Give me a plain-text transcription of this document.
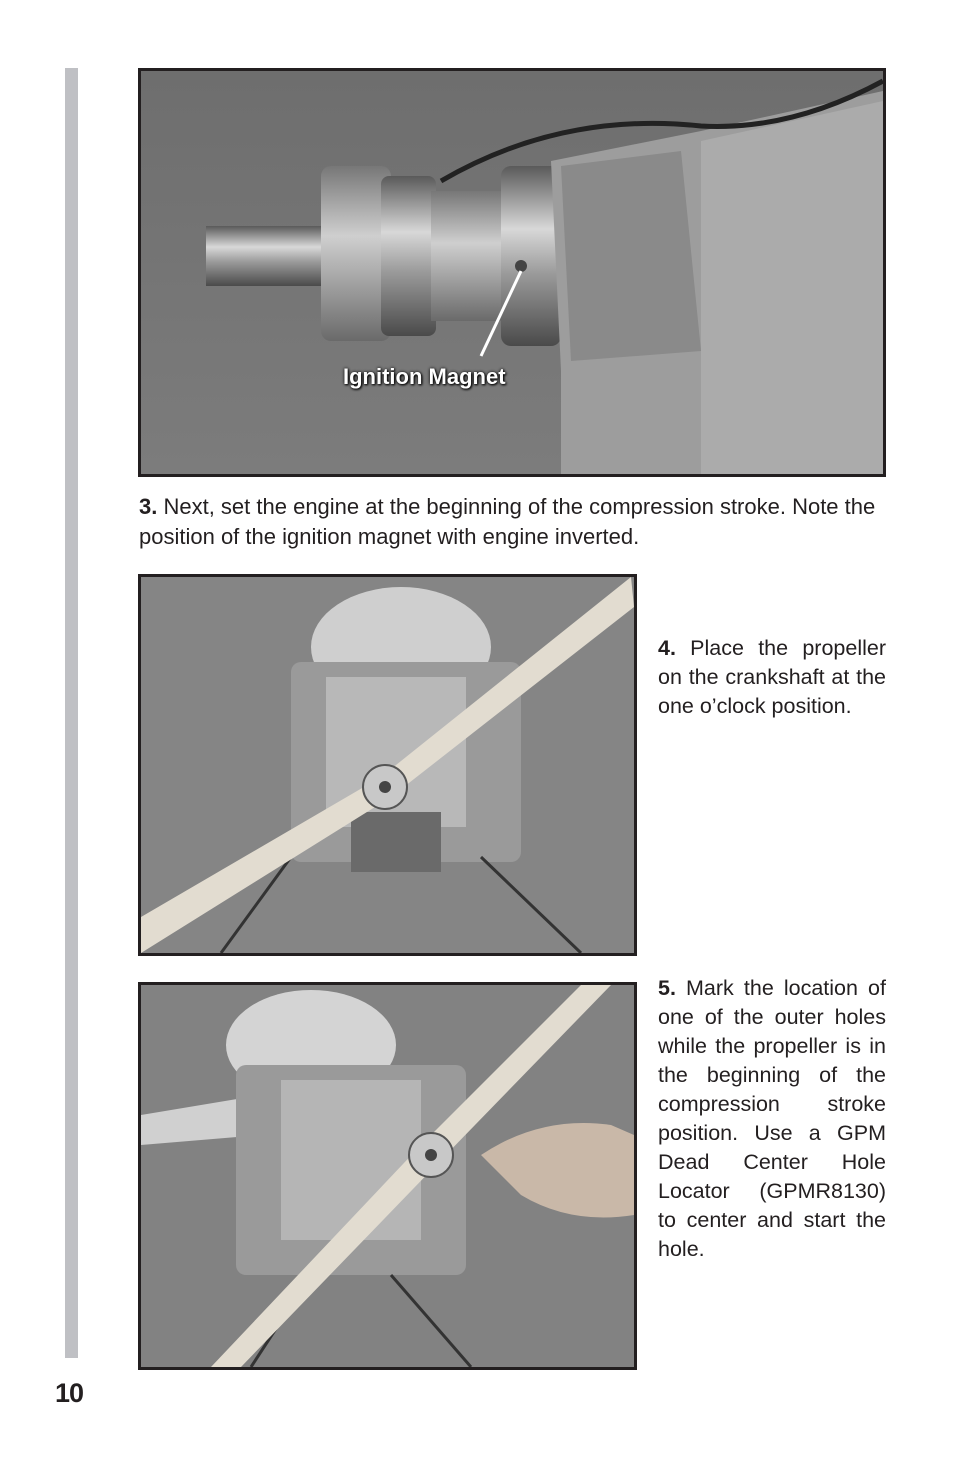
Ignition Magnet
3. Next, set the engine at the beginning of the compression stroke. Note the position of the ignition magnet with engine inverted.
4. Place the propeller on the crankshaft at the one o’clock position.
5. Mark the location of one of the outer holes while the propeller is in the beginning of the compression stroke position. Use a GPM Dead Center Hole Locator (GPMR8130) to center and start the hole.
10
